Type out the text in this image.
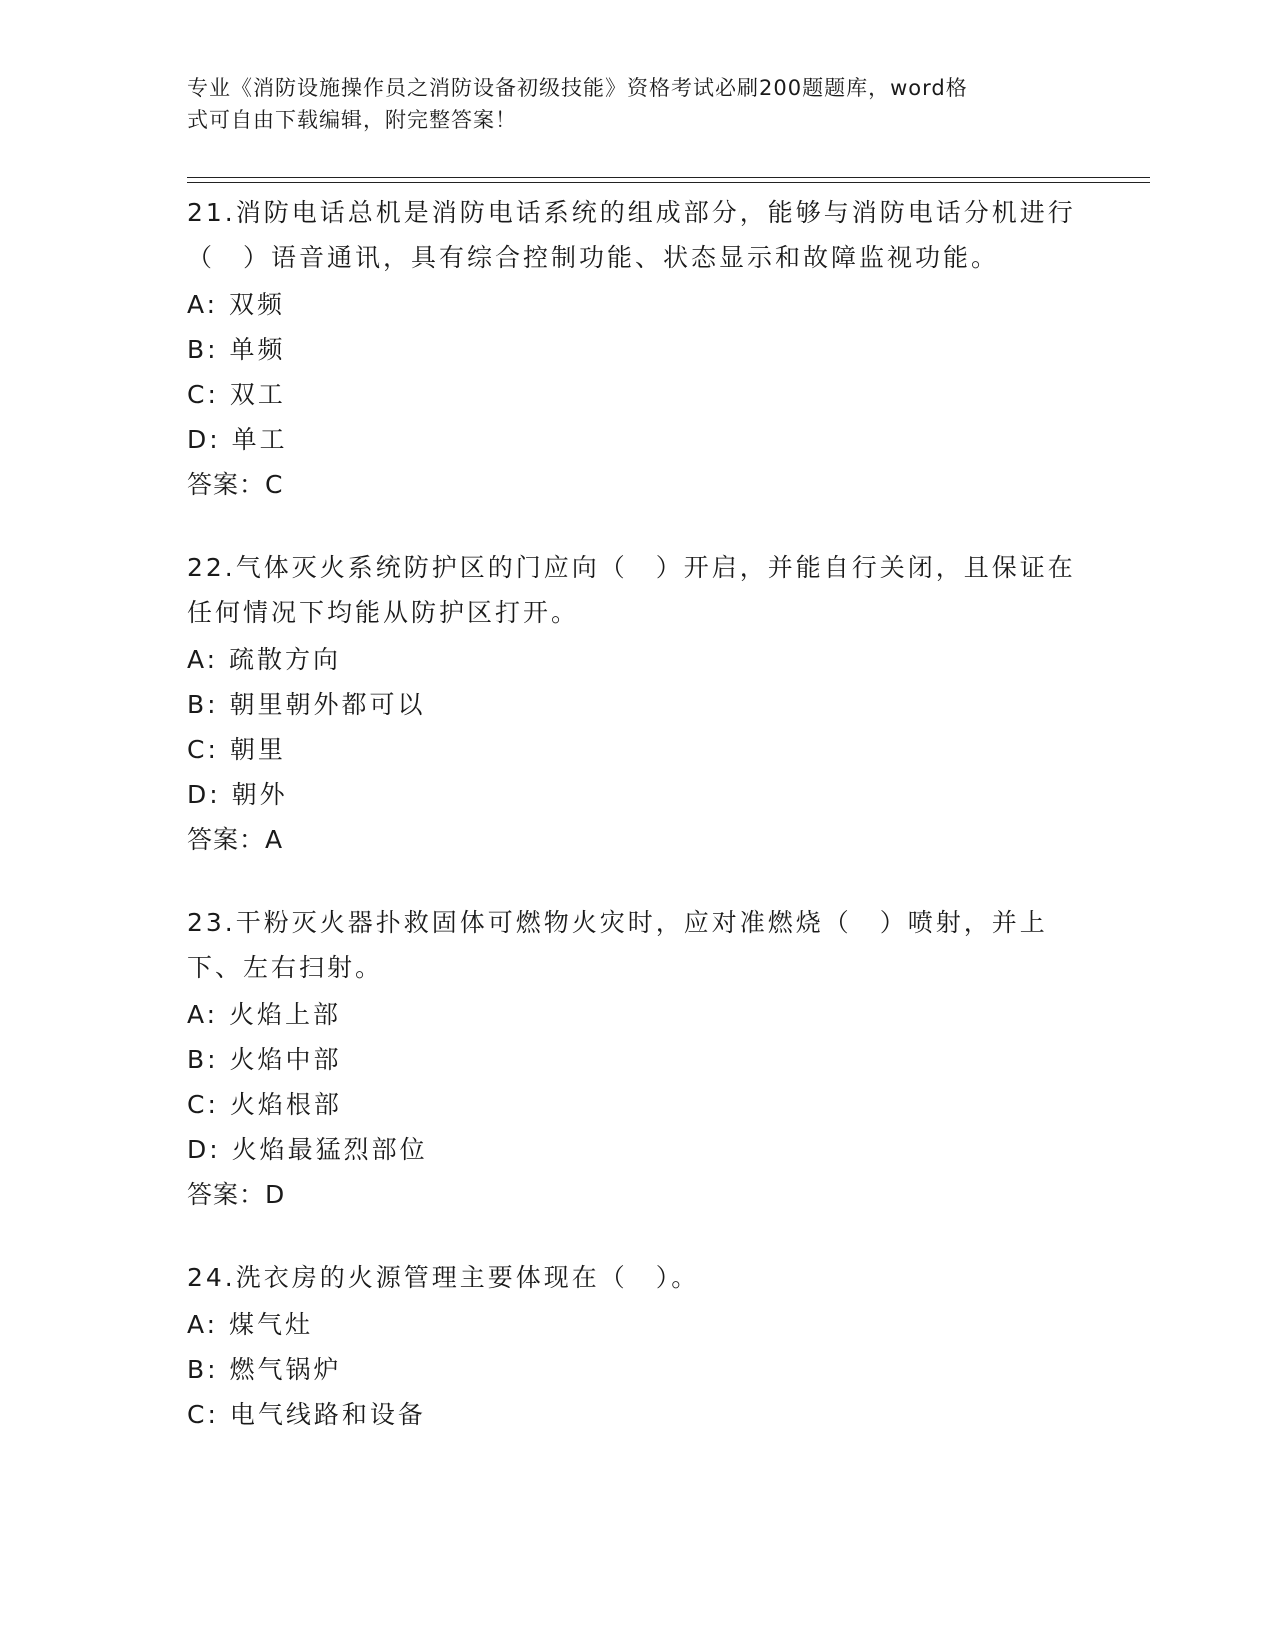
专业《消防设施操作员之消防设备初级技能》资格考试必刷200题题库，word格
式可自由下载编辑，附完整答案！
21.消防电话总机是消防电话系统的组成部分，能够与消防电话分机进行（　）语音通讯，具有综合控制功能、状态显示和故障监视功能。
A: 双频
B: 单频
C: 双工
D: 单工
答案：C
22.气体灭火系统防护区的门应向（　）开启，并能自行关闭，且保证在任何情况下均能从防护区打开。
A: 疏散方向
B: 朝里朝外都可以
C: 朝里
D: 朝外
答案：A
23.干粉灭火器扑救固体可燃物火灾时，应对准燃烧（　）喷射，并上下、左右扫射。
A: 火焰上部
B: 火焰中部
C: 火焰根部
D: 火焰最猛烈部位
答案：D
24.洗衣房的火源管理主要体现在（　）。
A: 煤气灶
B: 燃气锅炉
C: 电气线路和设备
